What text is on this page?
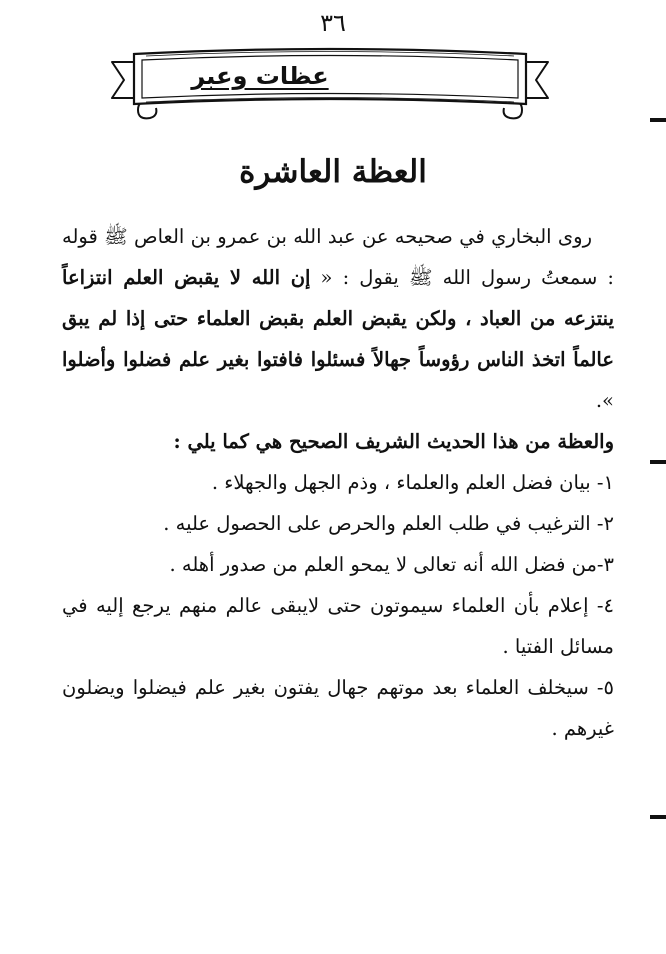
٣٦
عظات وعبر
العظة العاشرة

روى البخاري في صحيحه عن عبد الله بن عمرو بن العاص ﷺ قوله : سمعتُ رسول الله ﷺ يقول : « إن الله لا يقبض العلم انتزاعاً ينتزعه من العباد ، ولكن يقبض العلم بقبض العلماء حتى إذا لم يبق عالماً اتخذ الناس رؤوساً جهالاً فسئلوا فافتوا بغير علم فضلوا وأضلوا ».

والعظة من هذا الحديث الشريف الصحيح هي كما يلي :

١- بيان فضل العلم والعلماء ، وذم الجهل والجهلاء .

٢- الترغيب في طلب العلم والحرص على الحصول عليه .

٣-من فضل الله أنه تعالى لا يمحو العلم من صدور أهله .

٤- إعلام بأن العلماء سيموتون حتى لايبقى عالم منهم يرجع إليه في مسائل الفتيا .

٥- سيخلف العلماء بعد موتهم جهال يفتون بغير علم فيضلوا ويضلون غيرهم .
